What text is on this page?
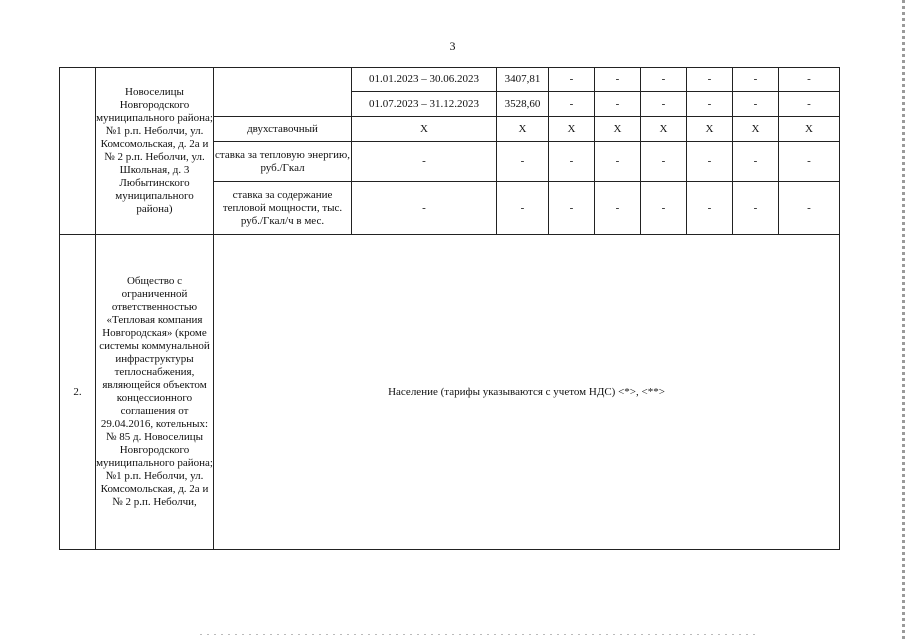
3
	Новоселицы Новгородского муниципального района; №1 р.п. Неболчи, ул. Комсомольская, д. 2а и № 2 р.п. Неболчи, ул. Школьная, д. 3 Любытинского муниципального района)		01.01.2023 – 30.06.2023	3407,81	-	-	-	-	-	-
			01.07.2023 – 31.12.2023	3528,60	-	-	-	-	-	-
		двухставочный	Х	Х	Х	Х	Х	Х	Х	Х
		ставка за тепловую энергию, руб./Гкал	-	-	-	-	-	-	-	-
		ставка за содержание тепловой мощности, тыс. руб./Гкал/ч в мес.	-	-	-	-	-	-	-	-
2.	Общество с ограниченной ответственностью «Тепловая компания Новгородская» (кроме системы коммунальной инфраструктуры теплоснабжения, являющейся объектом концессионного соглашения от 29.04.2016, котельных: № 85 д. Новоселицы Новгородского муниципального района; №1 р.п. Неболчи, ул. Комсомольская, д. 2а и № 2 р.п. Неболчи,	Население (тарифы указываются с учетом НДС) <*>, <**>								
